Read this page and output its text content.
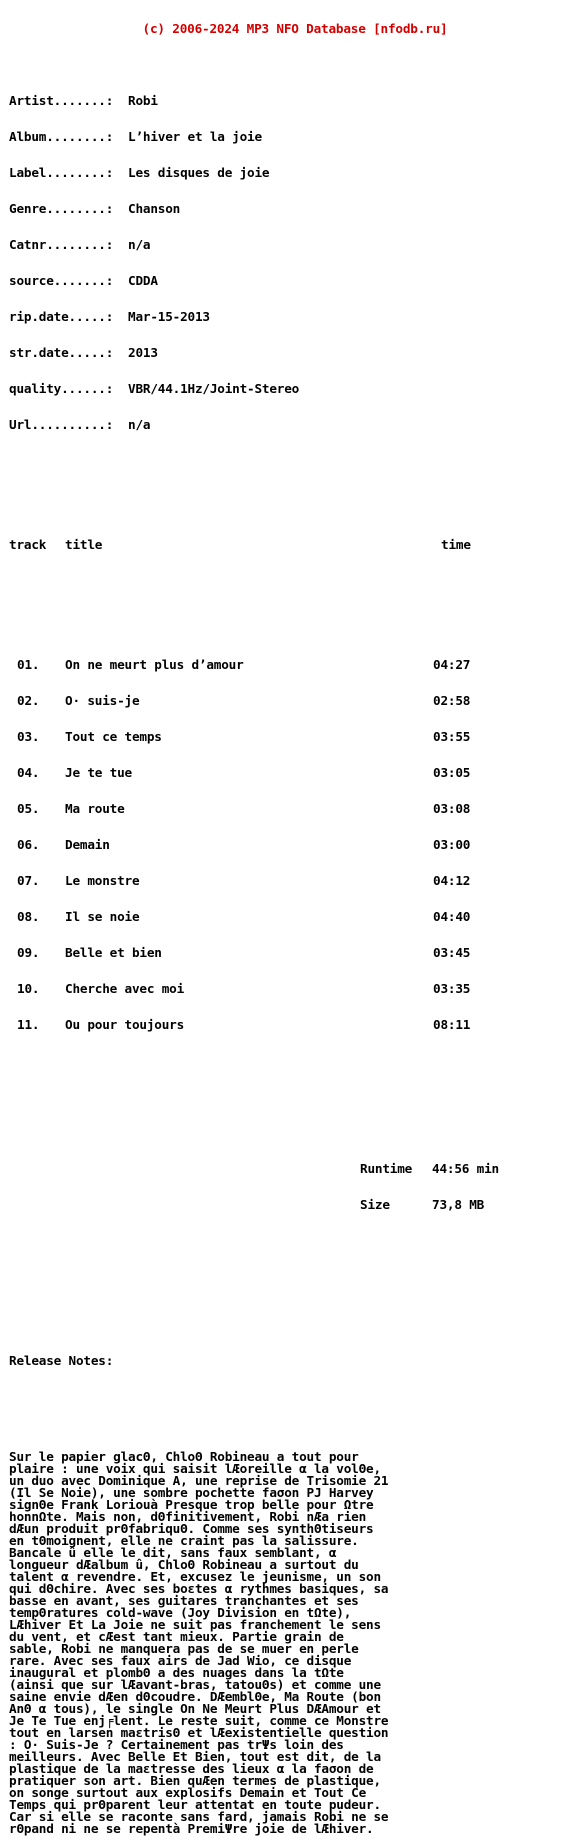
(c) 2006-2024 MP3 NFO Database [nfodb.ru]

Artist.......:	Robi

Album........:	L’hiver et la joie

Label........:	Les disques de joie

Genre........:	Chanson

Catnr........:	n/a

source.......:	CDDA

rip.date.....:	Mar-15-2013

str.date.....:	2013

quality......:	VBR/44.1Hz/Joint-Stereo

Url..........:	n/a

track	title	time

01.	On ne meurt plus d’amour	04:27

02.	O· suis-je	02:58

03.	Tout ce temps	03:55

04.	Je te tue	03:05

05.	Ma route	03:08

06.	Demain	03:00

07.	Le monstre	04:12

08.	Il se noie	04:40

09.	Belle et bien	03:45

10.	Cherche avec moi	03:35

11.	Ou pour toujours	08:11

Runtime	44:56 min

Size	73,8 MB

Release Notes:

Sur le papier glacΘ, ChloΘ Robineau a tout pour
plaire : une voix qui saisit lÆoreille α la volΘe,
un duo avec Dominique A, une reprise de Trisomie 21
(Il Se Noie), une sombre pochette faσon PJ Harvey
signΘe Frank Loriouà Presque trop belle pour Ωtre
honnΩte. Mais non, dΘfinitivement, Robi nÆa rien
dÆun produit prΘfabriquΘ. Comme ses synthΘtiseurs
en tΘmoignent, elle ne craint pas la salissure.
Bancale û elle le dit, sans faux semblant, α
longueur dÆalbum û, ChloΘ Robineau a surtout du
talent α revendre. Et, excusez le jeunisme, un son
qui dΘchire. Avec ses boεtes α rythmes basiques, sa
basse en avant, ses guitares tranchantes et ses
tempΘratures cold-wave (Joy Division en tΩte),
LÆhiver Et La Joie ne suit pas franchement le sens
du vent, et cÆest tant mieux. Partie grain de
sable, Robi ne manquera pas de se muer en perle
rare. Avec ses faux airs de Jad Wio, ce disque
inaugural et plombΘ a des nuages dans la tΩte
(ainsi que sur lÆavant-bras, tatouΘs) et comme une
saine envie dÆen dΘcoudre. DÆemblΘe, Ma Route (bon
AnΘ α tous), le single On Ne Meurt Plus DÆAmour et
Je Te Tue enj╒lent. Le reste suit, comme ce Monstre
tout en larsen maεtrisΘ et lÆexistentielle question
: O· Suis-Je ? Certainement pas trΨs loin des
meilleurs. Avec Belle Et Bien, tout est dit, de la
plastique de la maεtresse des lieux α la faσon de
pratiquer son art. Bien quÆen termes de plastique,
on songe surtout aux explosifs Demain et Tout Ce
Temps qui prΘparent leur attentat en toute pudeur.
Car si elle se raconte sans fard, jamais Robi ne se
rΘpand ni ne se repentà PremiΨre joie de lÆhiver.
